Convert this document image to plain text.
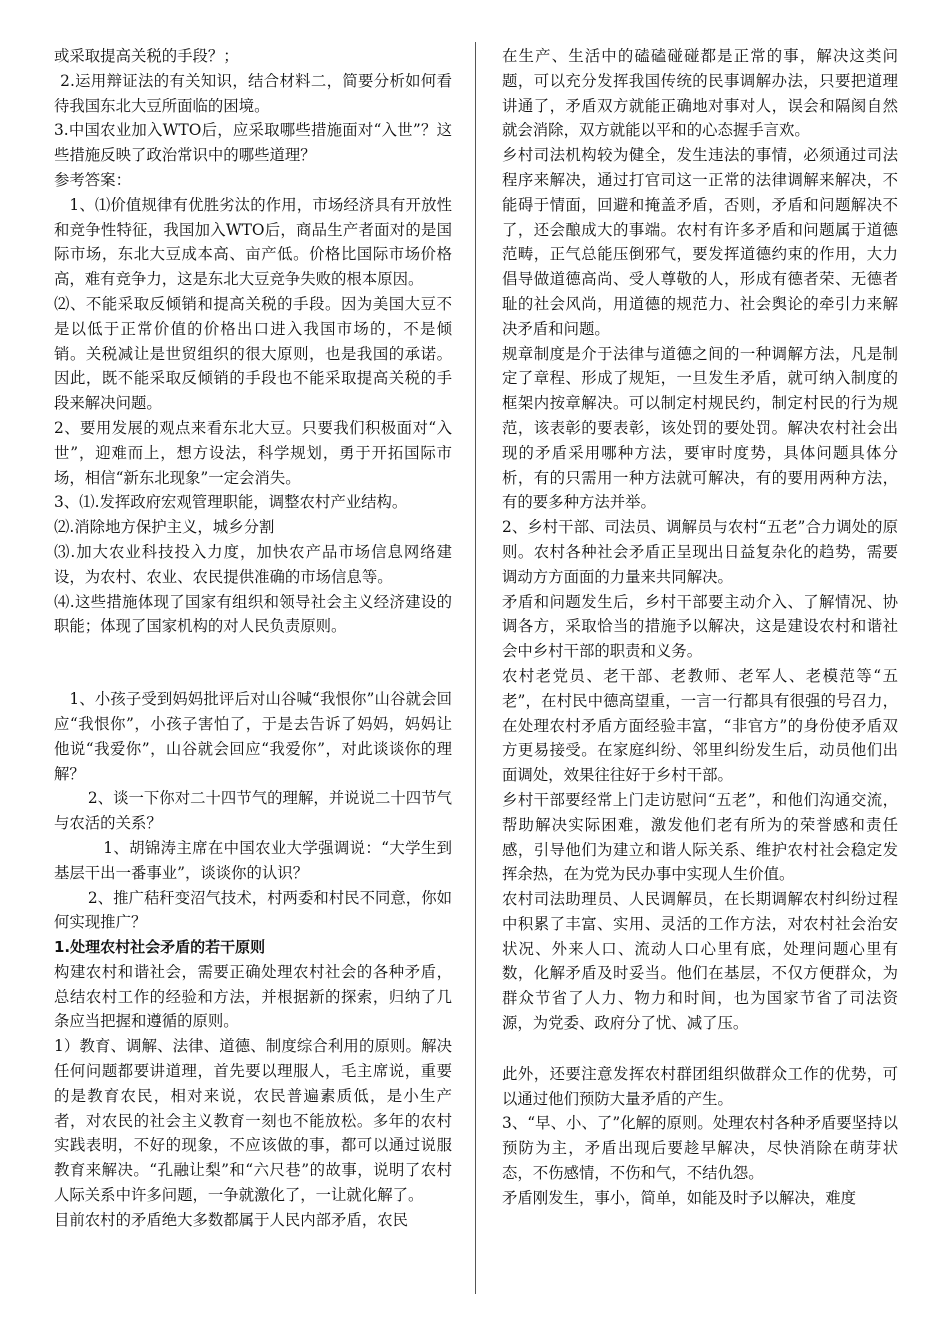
或采取提高关税的手段？；

2.运用辩证法的有关知识，结合材料二，简要分析如何看待我国东北大豆所面临的困境。

3.中国农业加入WTO后，应采取哪些措施面对“入世”？这些措施反映了政治常识中的哪些道理？

参考答案：

1、⑴价值规律有优胜劣汰的作用，市场经济具有开放性和竞争性特征，我国加入WTO后，商品生产者面对的是国际市场，东北大豆成本高、亩产低。价格比国际市场价格高，难有竞争力，这是东北大豆竞争失败的根本原因。

⑵、不能采取反倾销和提高关税的手段。因为美国大豆不是以低于正常价值的价格出口进入我国市场的，不是倾销。关税减让是世贸组织的很大原则，也是我国的承诺。因此，既不能采取反倾销的手段也不能采取提高关税的手段来解决问题。

2、要用发展的观点来看东北大豆。只要我们积极面对“入世”，迎难而上，想方设法，科学规划，勇于开拓国际市场，相信“新东北现象”一定会消失。

3、⑴.发挥政府宏观管理职能，调整农村产业结构。

⑵.消除地方保护主义，城乡分割

⑶.加大农业科技投入力度，加快农产品市场信息网络建设，为农村、农业、农民提供准确的市场信息等。

⑷.这些措施体现了国家有组织和领导社会主义经济建设的职能；体现了国家机构的对人民负责原则。

1、小孩子受到妈妈批评后对山谷喊“我恨你”山谷就会回应“我恨你”，小孩子害怕了，于是去告诉了妈妈，妈妈让他说“我爱你”，山谷就会回应“我爱你”，对此谈谈你的理解？

2、谈一下你对二十四节气的理解，并说说二十四节气与农活的关系？

1、胡锦涛主席在中国农业大学强调说：“大学生到基层干出一番事业”，谈谈你的认识？

2、推广秸秆变沼气技术，村两委和村民不同意，你如何实现推广？

1.处理农村社会矛盾的若干原则

构建农村和谐社会，需要正确处理农村社会的各种矛盾，总结农村工作的经验和方法，并根据新的探索，归纳了几条应当把握和遵循的原则。

1）教育、调解、法律、道德、制度综合利用的原则。解决任何问题都要讲道理，首先要以理服人，毛主席说，重要的是教育农民，相对来说，农民普遍素质低，是小生产者，对农民的社会主义教育一刻也不能放松。多年的农村实践表明，不好的现象，不应该做的事，都可以通过说服教育来解决。“孔融让梨”和“六尺巷”的故事，说明了农村人际关系中许多问题，一争就激化了，一让就化解了。

目前农村的矛盾绝大多数都属于人民内部矛盾，农民

在生产、生活中的磕磕碰碰都是正常的事，解决这类问题，可以充分发挥我国传统的民事调解办法，只要把道理讲通了，矛盾双方就能正确地对事对人，误会和隔阂自然就会消除，双方就能以平和的心态握手言欢。

乡村司法机构较为健全，发生违法的事情，必须通过司法程序来解决，通过打官司这一正常的法律调解来解决，不能碍于情面，回避和掩盖矛盾，否则，矛盾和问题解决不了，还会酿成大的事端。农村有许多矛盾和问题属于道德范畴，正气总能压倒邪气，要发挥道德约束的作用，大力倡导做道德高尚、受人尊敬的人，形成有德者荣、无德者耻的社会风尚，用道德的规范力、社会舆论的牵引力来解决矛盾和问题。

规章制度是介于法律与道德之间的一种调解方法，凡是制定了章程、形成了规矩，一旦发生矛盾，就可纳入制度的框架内按章解决。可以制定村规民约，制定村民的行为规范，该表彰的要表彰，该处罚的要处罚。解决农村社会出现的矛盾采用哪种方法，要审时度势，具体问题具体分析，有的只需用一种方法就可解决，有的要用两种方法，有的要多种方法并举。

2、乡村干部、司法员、调解员与农村“五老”合力调处的原则。农村各种社会矛盾正呈现出日益复杂化的趋势，需要调动方方面面的力量来共同解决。

矛盾和问题发生后，乡村干部要主动介入、了解情况、协调各方，采取恰当的措施予以解决，这是建设农村和谐社会中乡村干部的职责和义务。

农村老党员、老干部、老教师、老军人、老模范等“五老”，在村民中德高望重，一言一行都具有很强的号召力，在处理农村矛盾方面经验丰富，“非官方”的身份使矛盾双方更易接受。在家庭纠纷、邻里纠纷发生后，动员他们出面调处，效果往往好于乡村干部。

乡村干部要经常上门走访慰问“五老”，和他们沟通交流，帮助解决实际困难，激发他们老有所为的荣誉感和责任感，引导他们为建立和谐人际关系、维护农村社会稳定发挥余热，在为党为民办事中实现人生价值。

农村司法助理员、人民调解员，在长期调解农村纠纷过程中积累了丰富、实用、灵活的工作方法，对农村社会治安状况、外来人口、流动人口心里有底，处理问题心里有数，化解矛盾及时妥当。他们在基层，不仅方便群众，为群众节省了人力、物力和时间，也为国家节省了司法资源，为党委、政府分了忧、减了压。

此外，还要注意发挥农村群团组织做群众工作的优势，可以通过他们预防大量矛盾的产生。

3、“早、小、了”化解的原则。处理农村各种矛盾要坚持以预防为主，矛盾出现后要趁早解决，尽快消除在萌芽状态，不伤感情，不伤和气，不结仇怨。

矛盾刚发生，事小，简单，如能及时予以解决，难度
